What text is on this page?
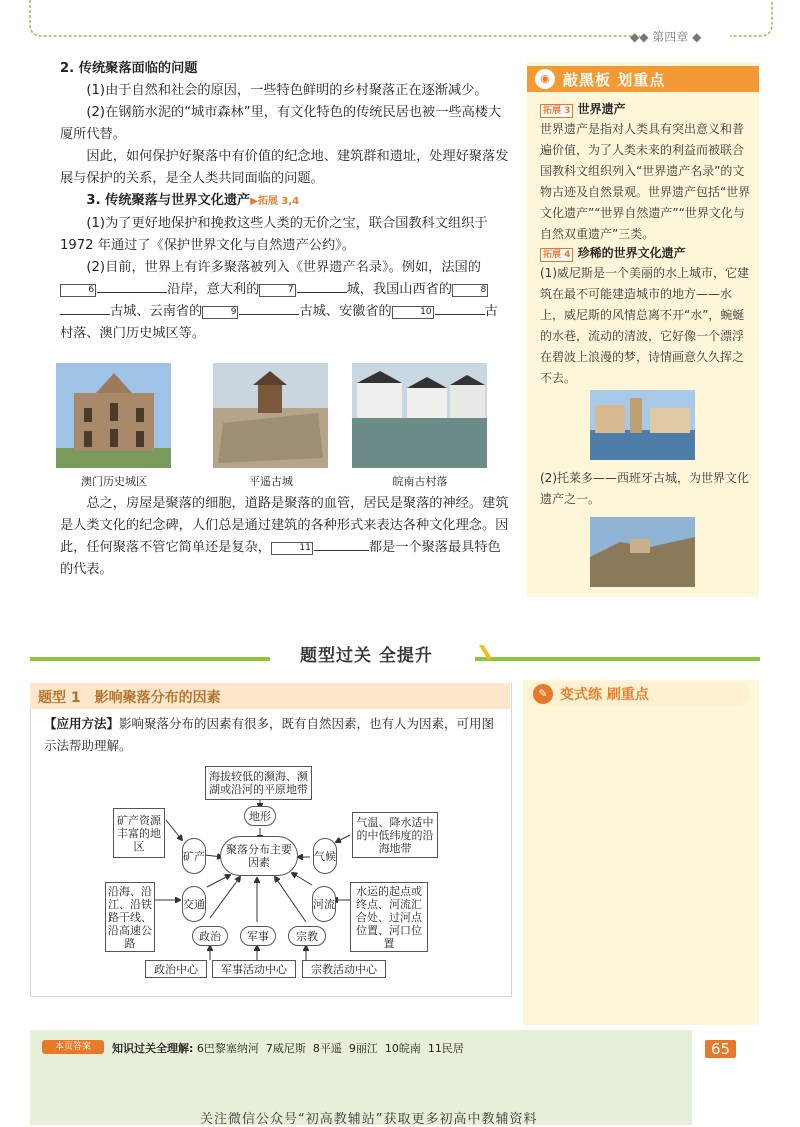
◆◆ 第四章 ◆

2. 传统聚落面临的问题

(1)由于自然和社会的原因，一些特色鲜明的乡村聚落正在逐渐减少。

(2)在钢筋水泥的“城市森林”里，有文化特色的传统民居也被一些高楼大厦所代替。

因此，如何保护好聚落中有价值的纪念地、建筑群和遗址，处理好聚落发展与保护的关系，是全人类共同面临的问题。

3. 传统聚落与世界文化遗产▶拓展 3,4

(1)为了更好地保护和挽救这些人类的无价之宝，联合国教科文组织于 1972 年通过了《保护世界文化与自然遗产公约》。

(2)目前，世界上有许多聚落被列入《世界遗产名录》。例如，法国的6	沿岸，意大利的	7	城，我国山西省的	8古城、云南省的	9	古城、安徽省的	10	古村落、澳门历史城区等。

澳门历史城区	平遥古城	皖南古村落

总之，房屋是聚落的细胞，道路是聚落的血管，居民是聚落的神经。建筑是人类文化的纪念碑，人们总是通过建筑的各种形式来表达各种文化理念。因此，任何聚落不管它简单还是复杂，	11	都是一个聚落最具特色的代表。

◉ 敲黑板 划重点
拓展 3 世界遗产
世界遗产是指对人类具有突出意义和普遍价值，为了人类未来的利益而被联合国教科文组织列入“世界遗产名录”的文物古迹及自然景观。世界遗产包括“世界文化遗产”“世界自然遗产”“世界文化与自然双重遗产”三类。
拓展 4 珍稀的世界文化遗产
(1)威尼斯是一个美丽的水上城市，它建筑在最不可能建造城市的地方——水上，威尼斯的风情总离不开“水”，蜿蜒的水巷，流动的清波，它好像一个漂浮在碧波上浪漫的梦，诗情画意久久挥之不去。
(2)托莱多——西班牙古城，为世界文化遗产之一。
题型过关 全提升
题型 1　影响聚落分布的因素
【应用方法】影响聚落分布的因素有很多，既有自然因素，也有人为因素，可用图示法帮助理解。
海拔较低的濒海、濒湖或沿河的平原地带
地形
聚落分布主要因素
矿产资源丰富的地区
矿产
气温、降水适中的中低纬度的沿海地带
气候
沿海、沿江、沿铁路干线、沿高速公路
交通
水运的起点或终点、河流汇合处、过河点位置、河口位置
河流
政治	军事	宗教
政治中心	军事活动中心	宗教活动中心
✎ 变式练 刷重点
本页答案	知识过关全理解: 6巴黎塞纳河 7威尼斯 8平遥 9丽江 10皖南 11民居	65
关注微信公众号“初高教辅站”获取更多初高中教辅资料
